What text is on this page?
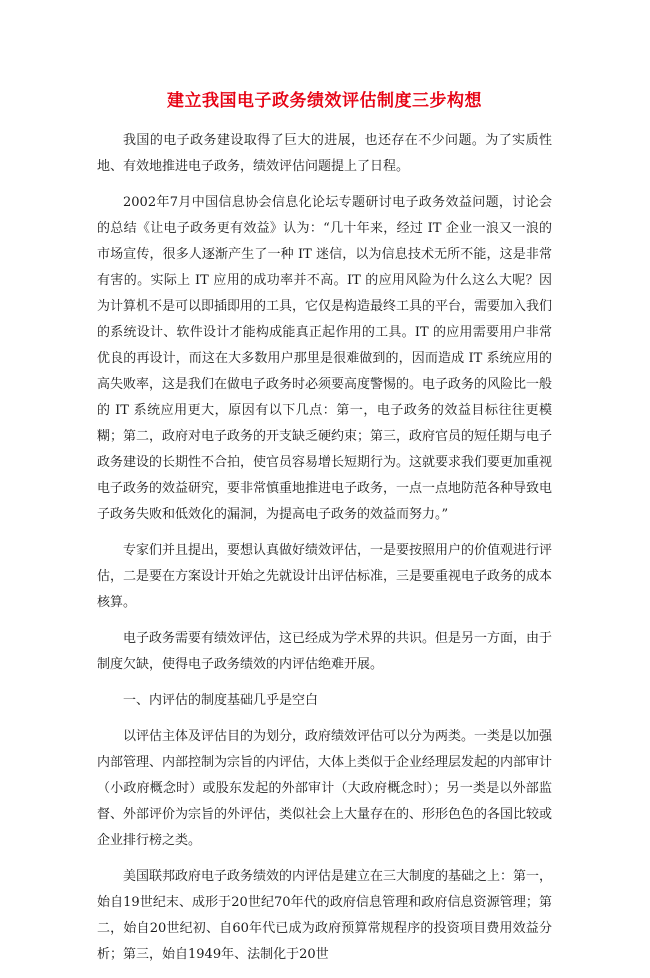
建立我国电子政务绩效评估制度三步构想

我国的电子政务建设取得了巨大的进展，也还存在不少问题。为了实质性地、有效地推进电子政务，绩效评估问题提上了日程。

2002年7月中国信息协会信息化论坛专题研讨电子政务效益问题，讨论会的总结《让电子政务更有效益》认为：“几十年来，经过 IT 企业一浪又一浪的市场宣传，很多人逐渐产生了一种 IT 迷信，以为信息技术无所不能，这是非常有害的。实际上 IT 应用的成功率并不高。IT 的应用风险为什么这么大呢？因为计算机不是可以即插即用的工具，它仅是构造最终工具的平台，需要加入我们的系统设计、软件设计才能构成能真正起作用的工具。IT 的应用需要用户非常优良的再设计，而这在大多数用户那里是很难做到的，因而造成 IT 系统应用的高失败率，这是我们在做电子政务时必须要高度警惕的。电子政务的风险比一般的 IT 系统应用更大，原因有以下几点：第一，电子政务的效益目标往往更模糊；第二，政府对电子政务的开支缺乏硬约束；第三，政府官员的短任期与电子政务建设的长期性不合拍，使官员容易增长短期行为。这就要求我们要更加重视电子政务的效益研究，要非常慎重地推进电子政务，一点一点地防范各种导致电子政务失败和低效化的漏洞，为提高电子政务的效益而努力。”

专家们并且提出，要想认真做好绩效评估，一是要按照用户的价值观进行评估，二是要在方案设计开始之先就设计出评估标准，三是要重视电子政务的成本核算。

电子政务需要有绩效评估，这已经成为学术界的共识。但是另一方面，由于制度欠缺，使得电子政务绩效的内评估绝难开展。

一、内评估的制度基础几乎是空白

以评估主体及评估目的为划分，政府绩效评估可以分为两类。一类是以加强内部管理、内部控制为宗旨的内评估，大体上类似于企业经理层发起的内部审计（小政府概念时）或股东发起的外部审计（大政府概念时）；另一类是以外部监督、外部评价为宗旨的外评估，类似社会上大量存在的、形形色色的各国比较或企业排行榜之类。

美国联邦政府电子政务绩效的内评估是建立在三大制度的基础之上：第一，始自19世纪末、成形于20世纪70年代的政府信息管理和政府信息资源管理；第二，始自20世纪初、自60年代已成为政府预算常规程序的投资项目费用效益分析；第三，始自1949年、法制化于20世
